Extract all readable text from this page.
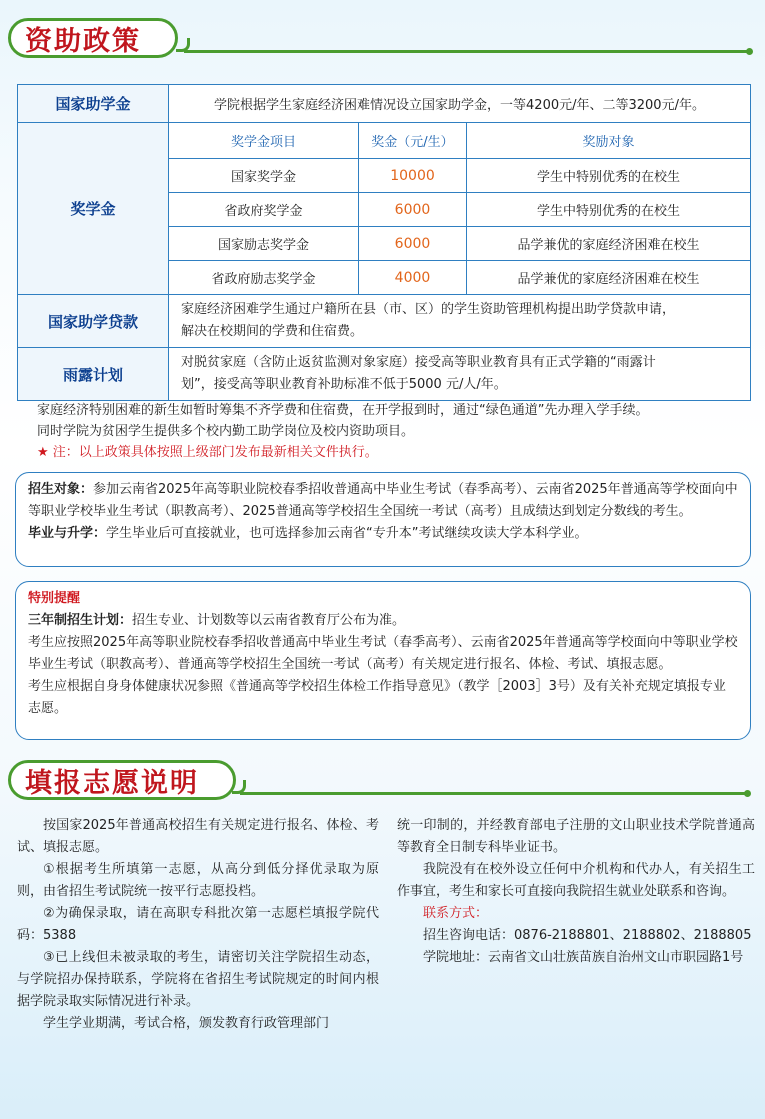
资助政策
国家助学金	学院根据学生家庭经济困难情况设立国家助学金，一等4200元/年、二等3200元/年。		
奖学金	奖学金项目	奖金（元/生）	奖励对象
	国家奖学金	10000	学生中特别优秀的在校生
	省政府奖学金	6000	学生中特别优秀的在校生
	国家励志奖学金	6000	品学兼优的家庭经济困难在校生
	省政府励志奖学金	4000	品学兼优的家庭经济困难在校生
国家助学贷款	家庭经济困难学生通过户籍所在县（市、区）的学生资助管理机构提出助学贷款申请，
解决在校期间的学费和住宿费。		

雨露计划	对脱贫家庭（含防止返贫监测对象家庭）接受高等职业教育具有正式学籍的“雨露计
划”，接受高等职业教育补助标准不低于5000 元/人/年。		
家庭经济特别困难的新生如暂时筹集不齐学费和住宿费，在开学报到时，通过“绿色通道”先办理入学手续。
同时学院为贫困学生提供多个校内勤工助学岗位及校内资助项目。
★ 注：以上政策具体按照上级部门发布最新相关文件执行。
招生对象：参加云南省2025年高等职业院校春季招收普通高中毕业生考试（春季高考）、云南省2025年普通高等学校面向中等职业学校毕业生考试（职教高考）、2025普通高等学校招生全国统一考试（高考）且成绩达到划定分数线的考生。
毕业与升学：学生毕业后可直接就业，也可选择参加云南省“专升本”考试继续攻读大学本科学业。
特别提醒
三年制招生计划：招生专业、计划数等以云南省教育厅公布为准。
考生应按照2025年高等职业院校春季招收普通高中毕业生考试（春季高考）、云南省2025年普通高等学校面向中等职业学校毕业生考试（职教高考）、普通高等学校招生全国统一考试（高考）有关规定进行报名、体检、考试、填报志愿。
考生应根据自身身体健康状况参照《普通高等学校招生体检工作指导意见》（教学［2003］3号）及有关补充规定填报专业志愿。
填报志愿说明

按国家2025年普通高校招生有关规定进行报名、体检、考试、填报志愿。

①根据考生所填第一志愿，从高分到低分择优录取为原则，由省招生考试院统一按平行志愿投档。

②为确保录取，请在高职专科批次第一志愿栏填报学院代码：5388

③已上线但未被录取的考生，请密切关注学院招生动态，与学院招办保持联系，学院将在省招生考试院规定的时间内根据学院录取实际情况进行补录。

学生学业期满，考试合格，颁发教育行政管理部门

统一印制的，并经教育部电子注册的文山职业技术学院普通高等教育全日制专科毕业证书。

我院没有在校外设立任何中介机构和代办人，有关招生工作事宜，考生和家长可直接向我院招生就业处联系和咨询。

联系方式：

招生咨询电话：0876-2188801、2188802、2188805

学院地址：云南省文山壮族苗族自治州文山市职园路1号
